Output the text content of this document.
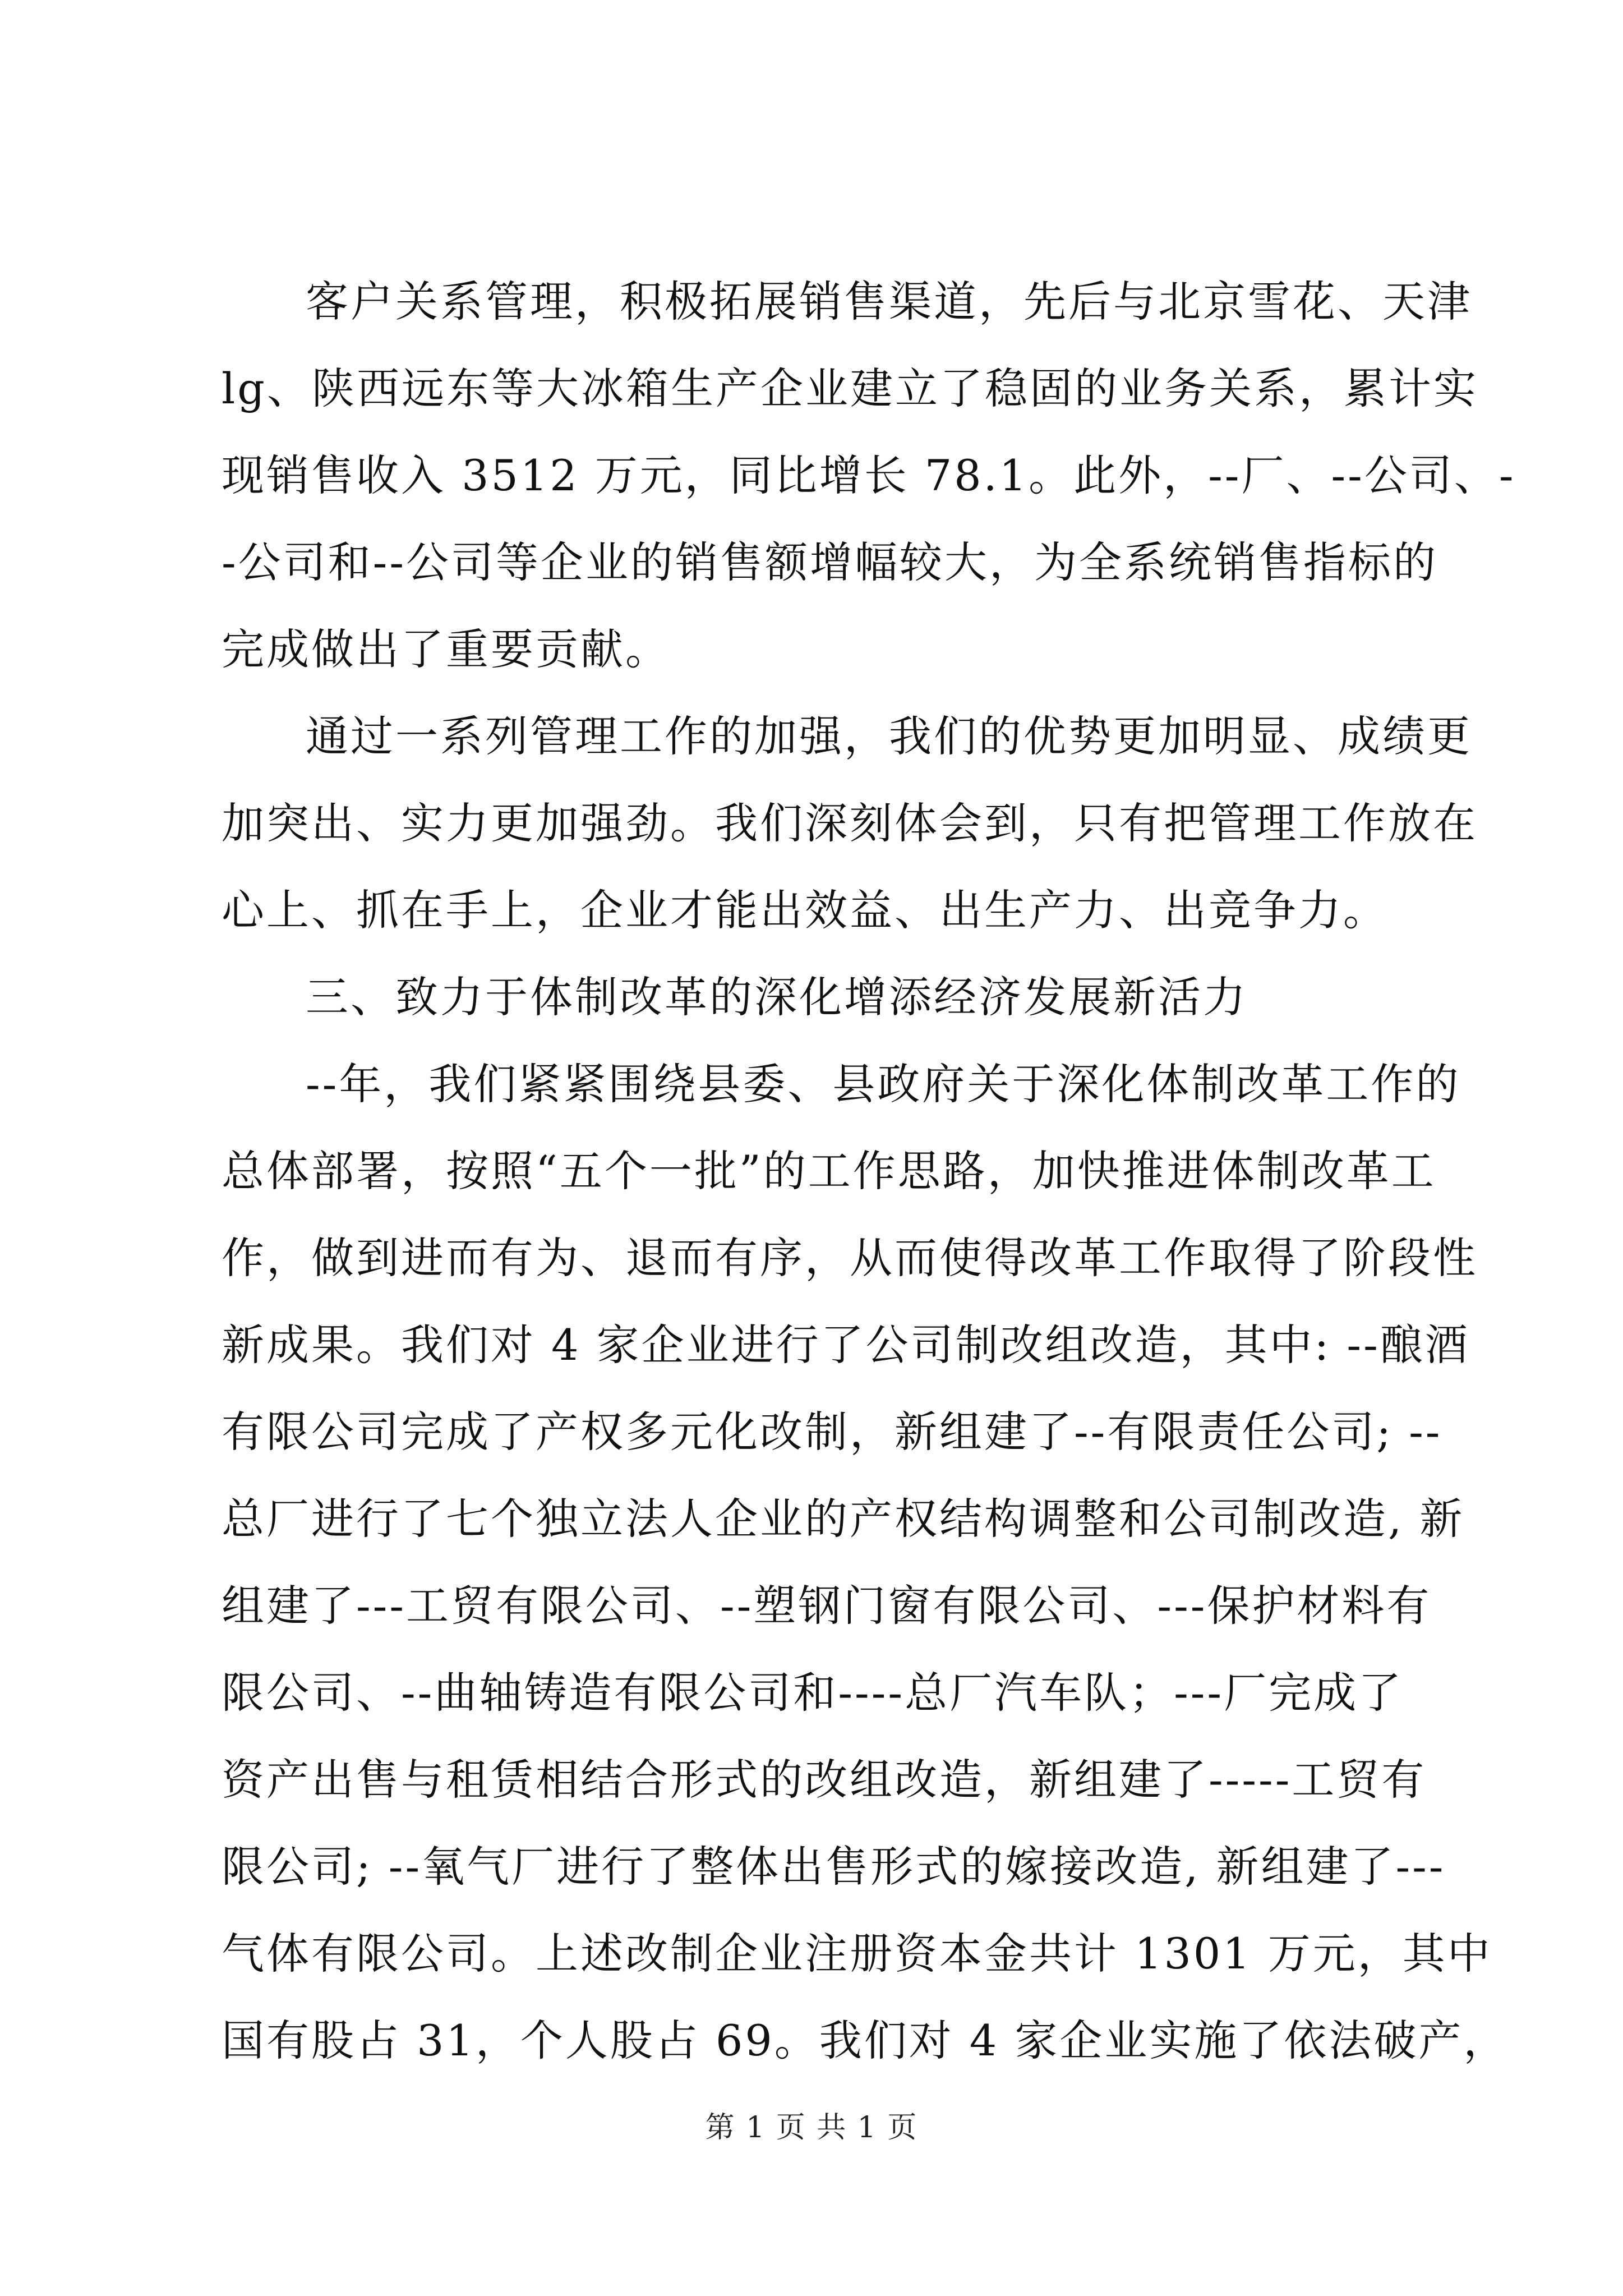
客户关系管理，积极拓展销售渠道，先后与北京雪花、天津
lg、陕西远东等大冰箱生产企业建立了稳固的业务关系，累计实
现销售收入 3512 万元，同比增长 78.1。此外，--厂、--公司、-
-公司和--公司等企业的销售额增幅较大，为全系统销售指标的
完成做出了重要贡献。
通过一系列管理工作的加强，我们的优势更加明显、成绩更
加突出、实力更加强劲。我们深刻体会到，只有把管理工作放在
心上、抓在手上，企业才能出效益、出生产力、出竞争力。
三、致力于体制改革的深化增添经济发展新活力
--年，我们紧紧围绕县委、县政府关于深化体制改革工作的
总体部署，按照“五个一批”的工作思路，加快推进体制改革工
作，做到进而有为、退而有序，从而使得改革工作取得了阶段性
新成果。我们对 4 家企业进行了公司制改组改造，其中: --酿酒
有限公司完成了产权多元化改制，新组建了--有限责任公司; --
总厂进行了七个独立法人企业的产权结构调整和公司制改造, 新
组建了---工贸有限公司、--塑钢门窗有限公司、---保护材料有
限公司、--曲轴铸造有限公司和----总厂汽车队；---厂完成了
资产出售与租赁相结合形式的改组改造，新组建了-----工贸有
限公司; --氧气厂进行了整体出售形式的嫁接改造, 新组建了---
气体有限公司。上述改制企业注册资本金共计 1301 万元，其中
国有股占 31，个人股占 69。我们对 4 家企业实施了依法破产，
第 1 页 共 1 页
